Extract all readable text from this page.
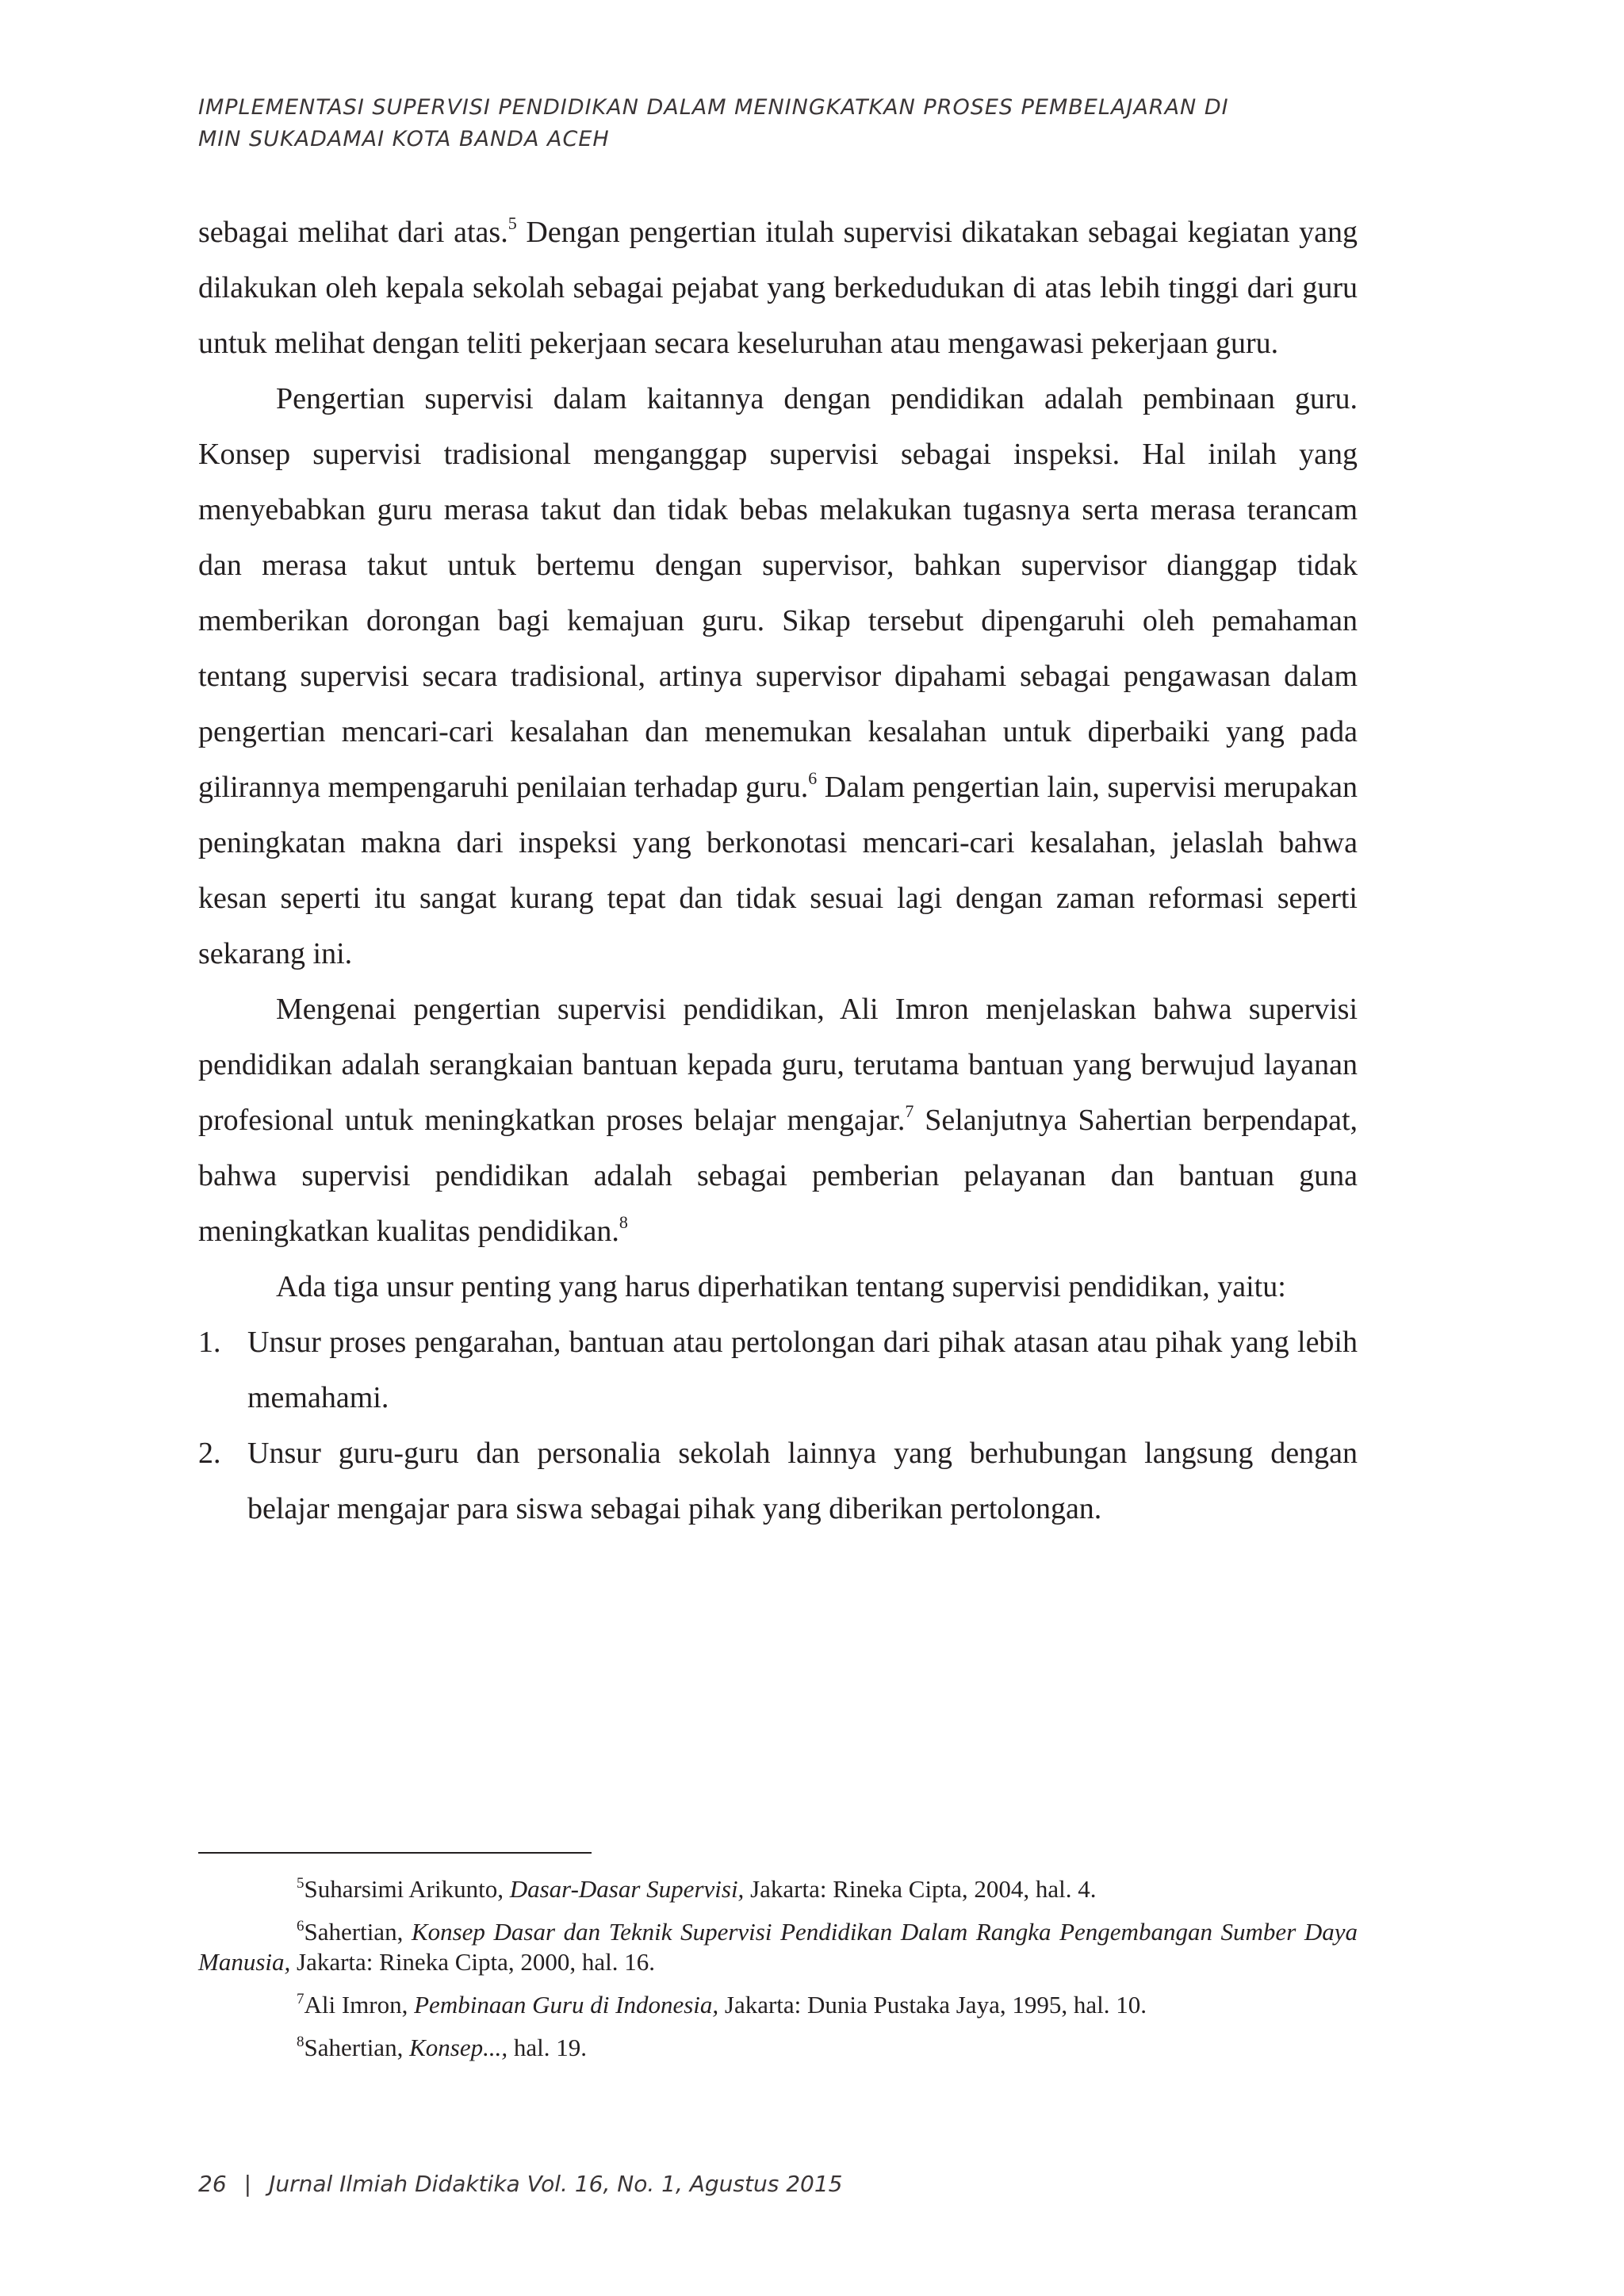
IMPLEMENTASI SUPERVISI PENDIDIKAN DALAM MENINGKATKAN PROSES PEMBELAJARAN DI
MIN SUKADAMAI KOTA BANDA ACEH

sebagai melihat dari atas.$^5$ Dengan pengertian itulah supervisi dikatakan sebagai kegiatan yang dilakukan oleh kepala sekolah sebagai pejabat yang berkedudukan di atas lebih tinggi dari guru untuk melihat dengan teliti pekerjaan secara keseluruhan atau mengawasi pekerjaan guru.

Pengertian supervisi dalam kaitannya dengan pendidikan adalah pembinaan guru. Konsep supervisi tradisional menganggap supervisi sebagai inspeksi. Hal inilah yang menyebabkan guru merasa takut dan tidak bebas melakukan tugasnya serta merasa terancam dan merasa takut untuk bertemu dengan supervisor, bahkan supervisor dianggap tidak memberikan dorongan bagi kemajuan guru. Sikap tersebut dipengaruhi oleh pemahaman tentang supervisi secara tradisional, artinya supervisor dipahami sebagai pengawasan dalam pengertian mencari-cari kesalahan dan menemukan kesalahan untuk diperbaiki yang pada gilirannya mempengaruhi penilaian terhadap guru.$^6$ Dalam pengertian lain, supervisi merupakan peningkatan makna dari inspeksi yang berkonotasi mencari-cari kesalahan, jelaslah bahwa kesan seperti itu sangat kurang tepat dan tidak sesuai lagi dengan zaman reformasi seperti sekarang ini.

Mengenai pengertian supervisi pendidikan, Ali Imron menjelaskan bahwa supervisi pendidikan adalah serangkaian bantuan kepada guru, terutama bantuan yang berwujud layanan profesional untuk meningkatkan proses belajar mengajar.$^7$ Selanjutnya Sahertian berpendapat, bahwa supervisi pendidikan adalah sebagai pemberian pelayanan dan bantuan guna meningkatkan kualitas pendidikan.$^8$

Ada tiga unsur penting yang harus diperhatikan tentang supervisi pendidikan, yaitu:

1. Unsur proses pengarahan, bantuan atau pertolongan dari pihak atasan atau pihak yang lebih memahami.
2. Unsur guru-guru dan personalia sekolah lainnya yang berhubungan langsung dengan belajar mengajar para siswa sebagai pihak yang diberikan pertolongan.
$^5$Suharsimi Arikunto, Dasar-Dasar Supervisi, Jakarta: Rineka Cipta, 2004, hal. 4.
$^6$Sahertian, Konsep Dasar dan Teknik Supervisi Pendidikan Dalam Rangka Pengembangan Sumber Daya Manusia, Jakarta: Rineka Cipta, 2000, hal. 16.
$^7$Ali Imron, Pembinaan Guru di Indonesia, Jakarta: Dunia Pustaka Jaya, 1995, hal. 10.
$^8$Sahertian, Konsep..., hal. 19.
26 | Jurnal Ilmiah Didaktika Vol. 16, No. 1, Agustus 2015
